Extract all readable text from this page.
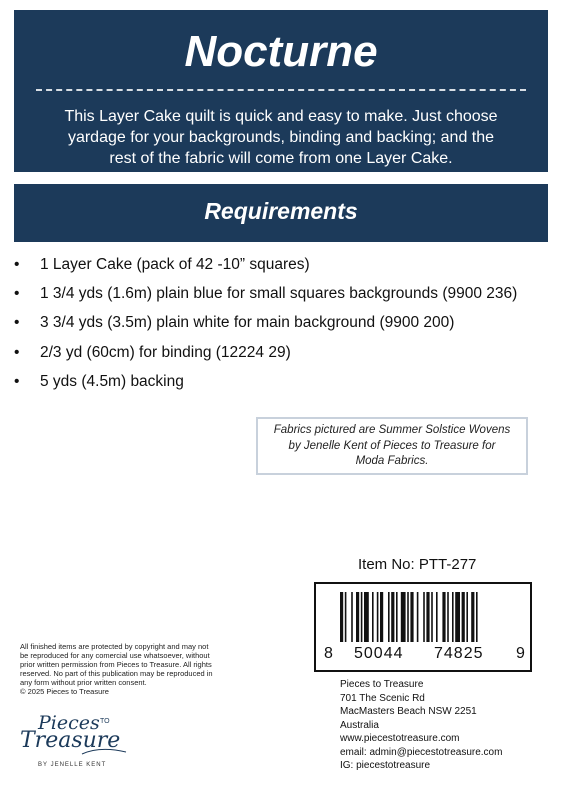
Nocturne
This Layer Cake quilt is quick and easy to make. Just choose
yardage for your backgrounds, binding and backing; and the
rest of the fabric will come from one Layer Cake.
Requirements
• 1 Layer Cake (pack of 42 -10” squares)
• 1 3/4 yds (1.6m) plain blue for small squares backgrounds (9900 236)
• 3 3/4 yds (3.5m) plain white for main background (9900 200)
• 2/3 yd (60cm) for binding (12224 29)
• 5 yds (4.5m) backing
Fabrics pictured are Summer Solstice Wovens
by Jenelle Kent of Pieces to Treasure for
Moda Fabrics.
Item No: PTT-277
8 50044 74825 9
All finished items are protected by copyright and may not
be reproduced for any comercial use whatsoever, without
prior written permission from Pieces to Treasure. All rights
reserved. No part of this publication may be reproduced in
any form without prior written consent.
© 2025 Pieces to Treasure
Pieces TO
Treasure
BY JENELLE KENT
Pieces to Treasure
701 The Scenic Rd
MacMasters Beach NSW 2251
Australia
www.piecestotreasure.com
email: admin@piecestotreasure.com
IG: piecestotreasure
